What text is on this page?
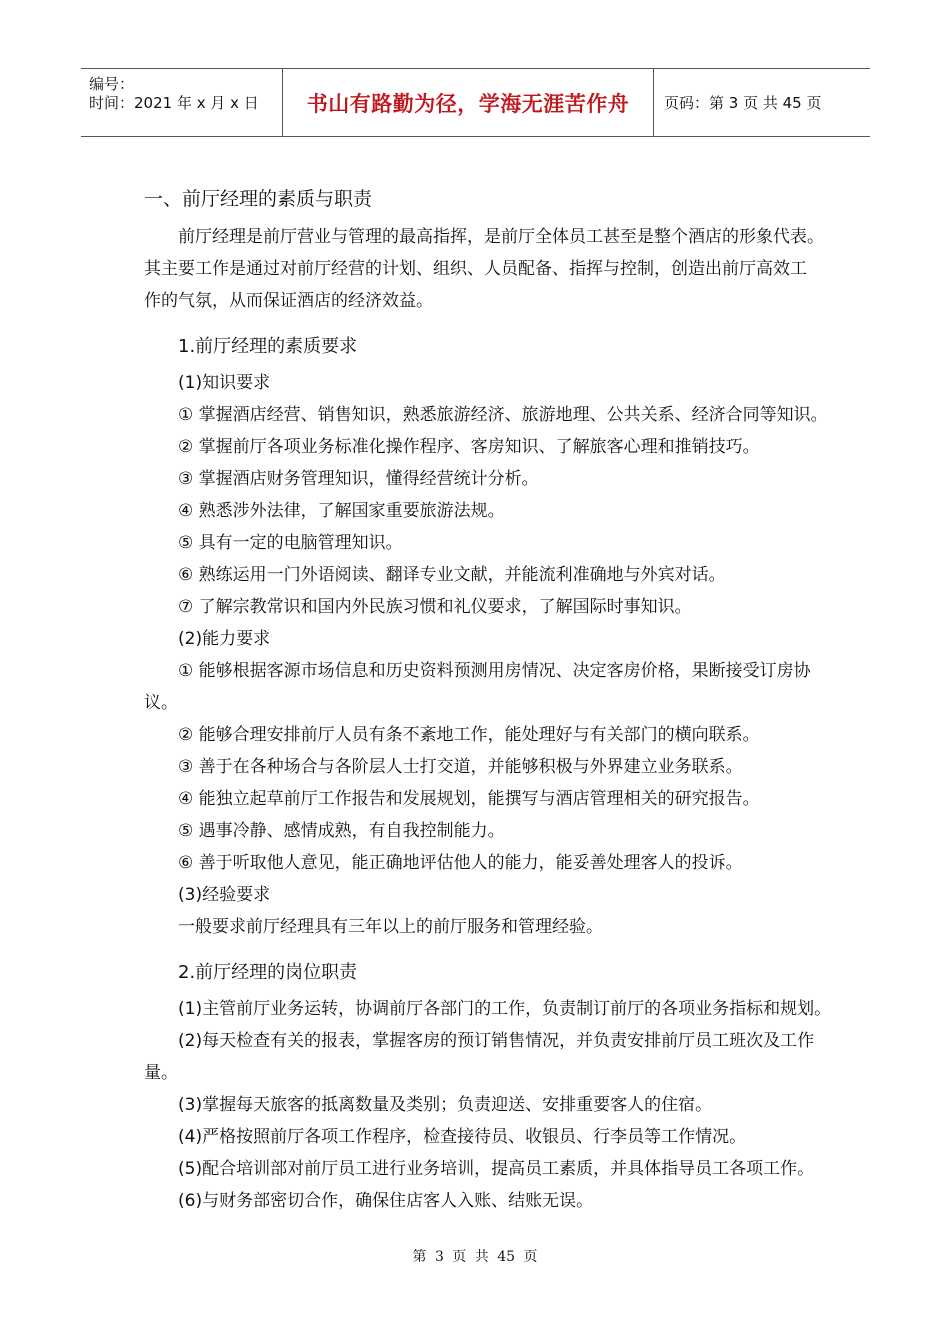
编号：
时间：2021 年 x 月 x 日	书山有路勤为径，学海无涯苦作舟	页码：第 3 页 共 45 页
一、前厅经理的素质与职责
前厅经理是前厅营业与管理的最高指挥，是前厅全体员工甚至是整个酒店的形象代表。
其主要工作是通过对前厅经营的计划、组织、人员配备、指挥与控制，创造出前厅高效工
作的气氛，从而保证酒店的经济效益。
1.前厅经理的素质要求
(1)知识要求
① 掌握酒店经营、销售知识，熟悉旅游经济、旅游地理、公共关系、经济合同等知识。
② 掌握前厅各项业务标准化操作程序、客房知识、了解旅客心理和推销技巧。
③ 掌握酒店财务管理知识，懂得经营统计分析。
④ 熟悉涉外法律，了解国家重要旅游法规。
⑤ 具有一定的电脑管理知识。
⑥ 熟练运用一门外语阅读、翻译专业文献，并能流利准确地与外宾对话。
⑦ 了解宗教常识和国内外民族习惯和礼仪要求，了解国际时事知识。
(2)能力要求
① 能够根据客源市场信息和历史资料预测用房情况、决定客房价格，果断接受订房协
议。
② 能够合理安排前厅人员有条不紊地工作，能处理好与有关部门的横向联系。
③ 善于在各种场合与各阶层人士打交道，并能够积极与外界建立业务联系。
④ 能独立起草前厅工作报告和发展规划，能撰写与酒店管理相关的研究报告。
⑤ 遇事冷静、感情成熟，有自我控制能力。
⑥ 善于听取他人意见，能正确地评估他人的能力，能妥善处理客人的投诉。
(3)经验要求
一般要求前厅经理具有三年以上的前厅服务和管理经验。
2.前厅经理的岗位职责
(1)主管前厅业务运转，协调前厅各部门的工作，负责制订前厅的各项业务指标和规划。
(2)每天检查有关的报表，掌握客房的预订销售情况，并负责安排前厅员工班次及工作
量。
(3)掌握每天旅客的抵离数量及类别；负责迎送、安排重要客人的住宿。
(4)严格按照前厅各项工作程序，检查接待员、收银员、行李员等工作情况。
(5)配合培训部对前厅员工进行业务培训，提高员工素质，并具体指导员工各项工作。
(6)与财务部密切合作，确保住店客人入账、结账无误。
第 3 页 共 45 页
